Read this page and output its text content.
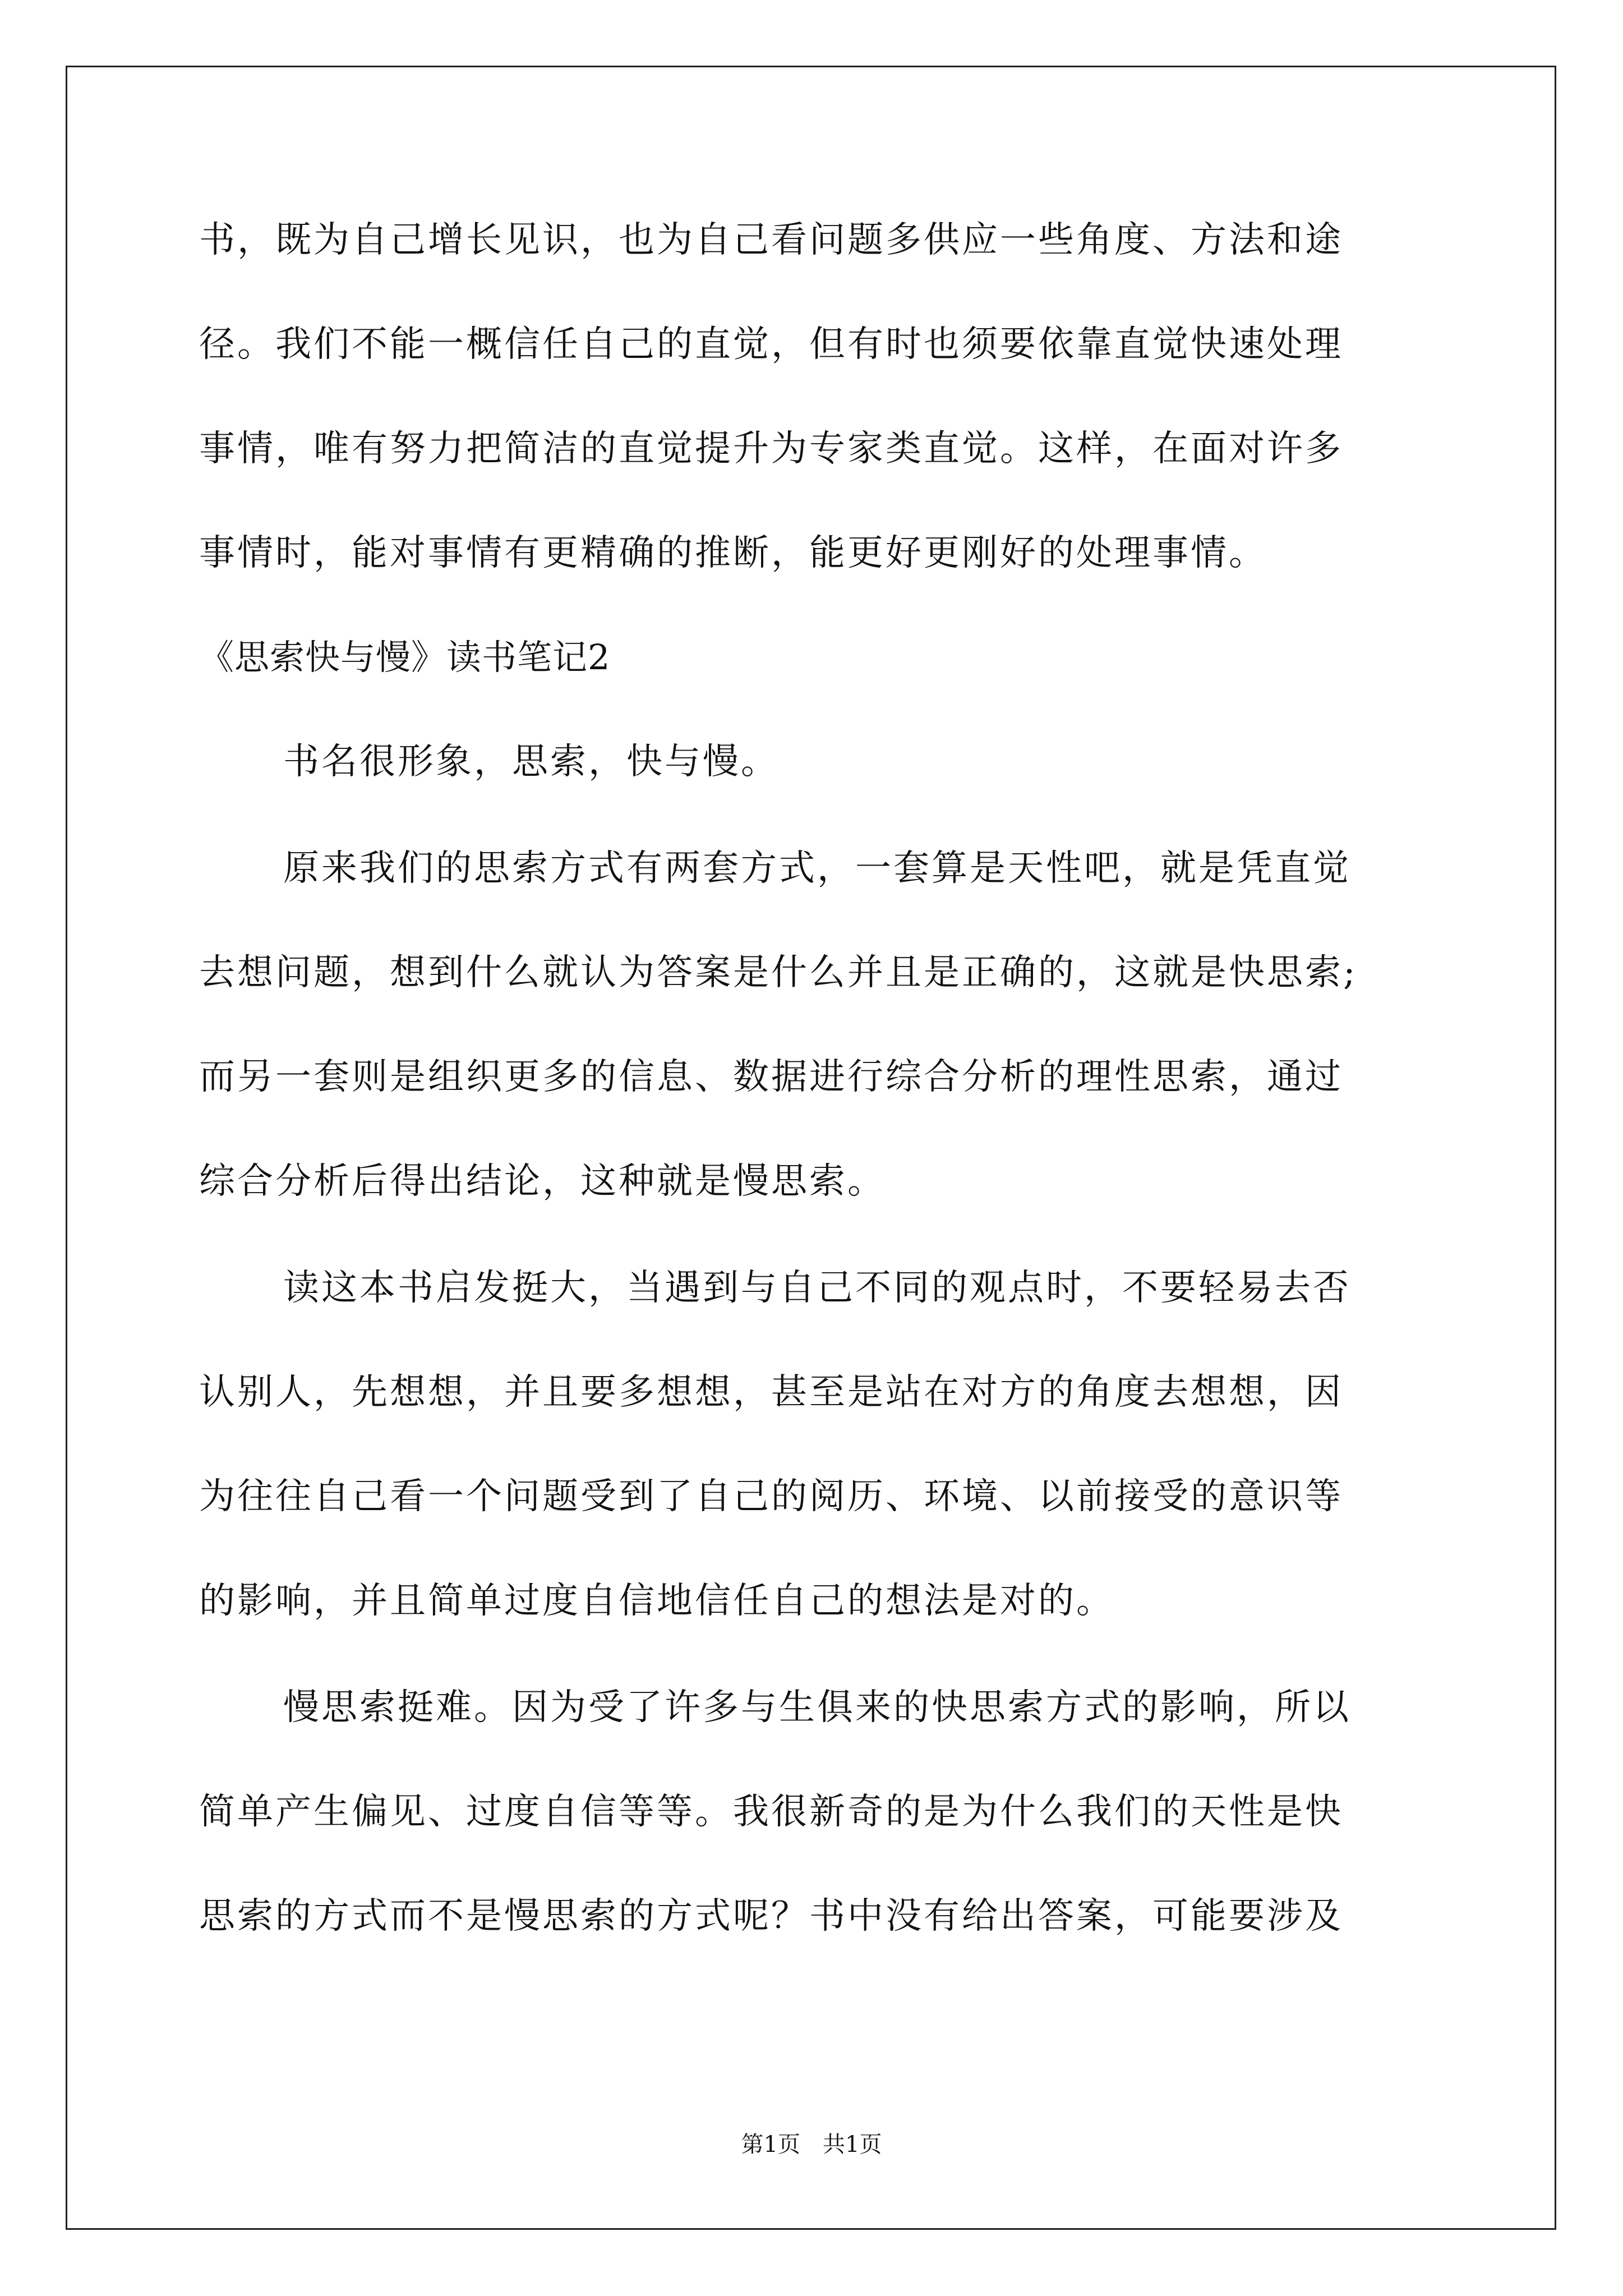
书，既为自己增长见识，也为自己看问题多供应一些角度、方法和途
径。我们不能一概信任自己的直觉，但有时也须要依靠直觉快速处理
事情，唯有努力把简洁的直觉提升为专家类直觉。这样，在面对许多
事情时，能对事情有更精确的推断，能更好更刚好的处理事情。
《思索快与慢》读书笔记2
书名很形象，思索，快与慢。
原来我们的思索方式有两套方式，一套算是天性吧，就是凭直觉
去想问题，想到什么就认为答案是什么并且是正确的，这就是快思索;
而另一套则是组织更多的信息、数据进行综合分析的理性思索，通过
综合分析后得出结论，这种就是慢思索。
读这本书启发挺大，当遇到与自己不同的观点时，不要轻易去否
认别人，先想想，并且要多想想，甚至是站在对方的角度去想想，因
为往往自己看一个问题受到了自己的阅历、环境、以前接受的意识等
的影响，并且简单过度自信地信任自己的想法是对的。
慢思索挺难。因为受了许多与生俱来的快思索方式的影响，所以
简单产生偏见、过度自信等等。我很新奇的是为什么我们的天性是快
思索的方式而不是慢思索的方式呢？书中没有给出答案，可能要涉及
第1页　共1页
